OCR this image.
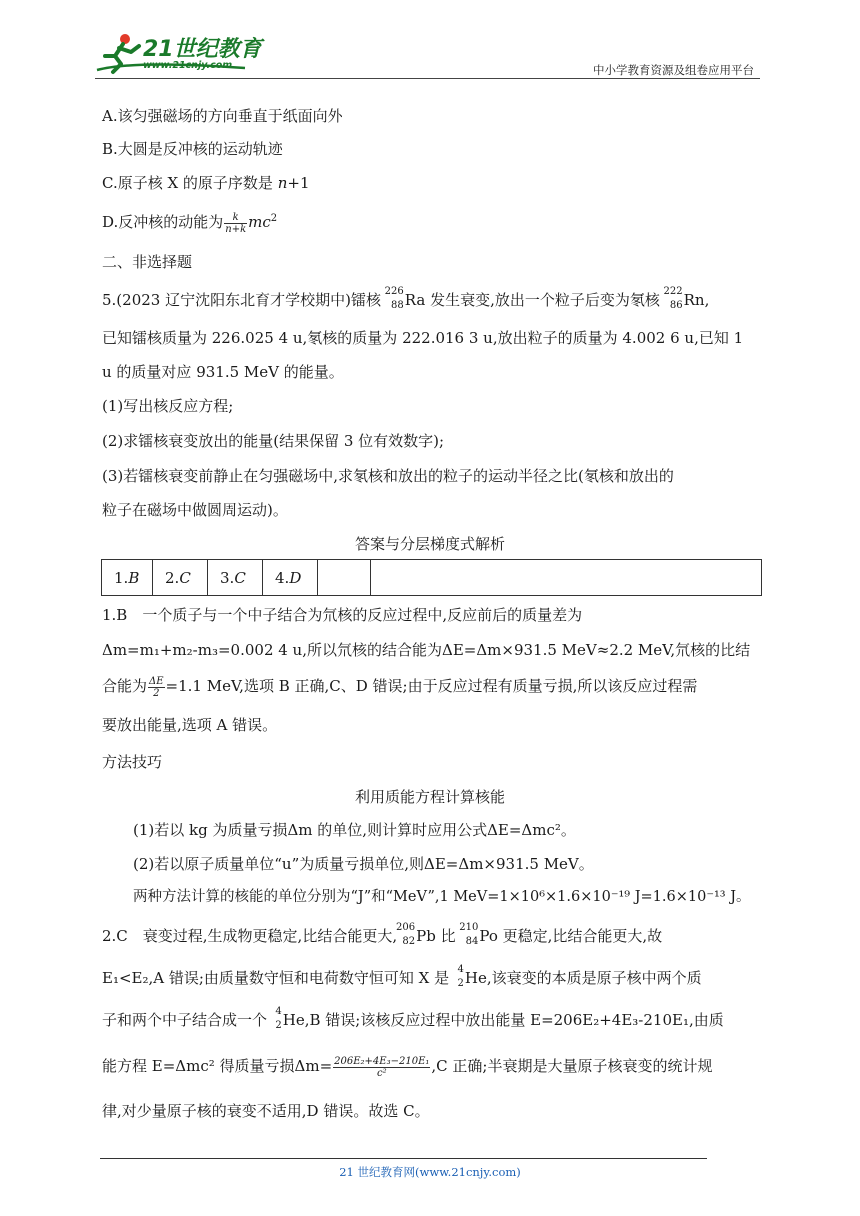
21世纪教育
www.21cnjy.com	中小学教育资源及组卷应用平台
A.该匀强磁场的方向垂直于纸面向外
B.大圆是反冲核的运动轨迹
C.原子核 X 的原子序数是 n+1
D.反冲核的动能为 $\frac{k}{n+k} mc^2$
二、非选择题
5.(2023 辽宁沈阳东北育才学校期中)镭核
226
88 Ra 发生衰变,放出一个粒子后变为氡核
222
86 Rn,
已知镭核质量为 226.025 4 u,氡核的质量为 222.016 3 u,放出粒子的质量为 4.002 6 u,已知 1
u 的质量对应 931.5 MeV 的能量。
(1)写出核反应方程;
(2)求镭核衰变放出的能量(结果保留 3 位有效数字);
(3)若镭核衰变前静止在匀强磁场中,求氡核和放出的粒子的运动半径之比(氡核和放出的
粒子在磁场中做圆周运动)。
答案与分层梯度式解析
1.B	2.C	3.C	4.D		
1.B　一个质子与一个中子结合为氘核的反应过程中,反应前后的质量差为
Δm=m₁+m₂-m₃=0.002 4 u,所以氘核的结合能为ΔE=Δm×931.5 MeV≈2.2 MeV,氘核的比结
合能为 $\frac{\Delta E}{2} =1.1$ MeV,选项 B 正确,C、D 错误;由于反应过程有质量亏损,所以该反应过程需
要放出能量,选项 A 错误。
方法技巧
利用质能方程计算核能
(1)若以 kg 为质量亏损Δm 的单位,则计算时应用公式ΔE=Δmc²。
(2)若以原子质量单位“u”为质量亏损单位,则ΔE=Δm×931.5 MeV。
两种方法计算的核能的单位分别为“J”和“MeV”,1 MeV=1×10⁶×1.6×10⁻¹⁹ J=1.6×10⁻¹³ J。
2.C　衰变过程,生成物更稳定,比结合能更大,
206
82 Pb 比
210
84 Po 更稳定,比结合能更大,故
E₁<E₂,A 错误;由质量数守恒和电荷数守恒可知 X 是 4
2 He,该衰变的本质是原子核中两个质
子和两个中子结合成一个 4
2 He,B 错误;该核反应过程中放出能量 E=206E₂+4E₃-210E₁,由质
能方程 E=Δmc² 得质量亏损$\Delta m= \frac{\text{206E₂+4E₃−210E₁}}{\text{c²}} ,C$ 正确;半衰期是大量原子核衰变的统计规
律,对少量原子核的衰变不适用,D 错误。故选 C。
21 世纪教育网(www.21cnjy.com)
